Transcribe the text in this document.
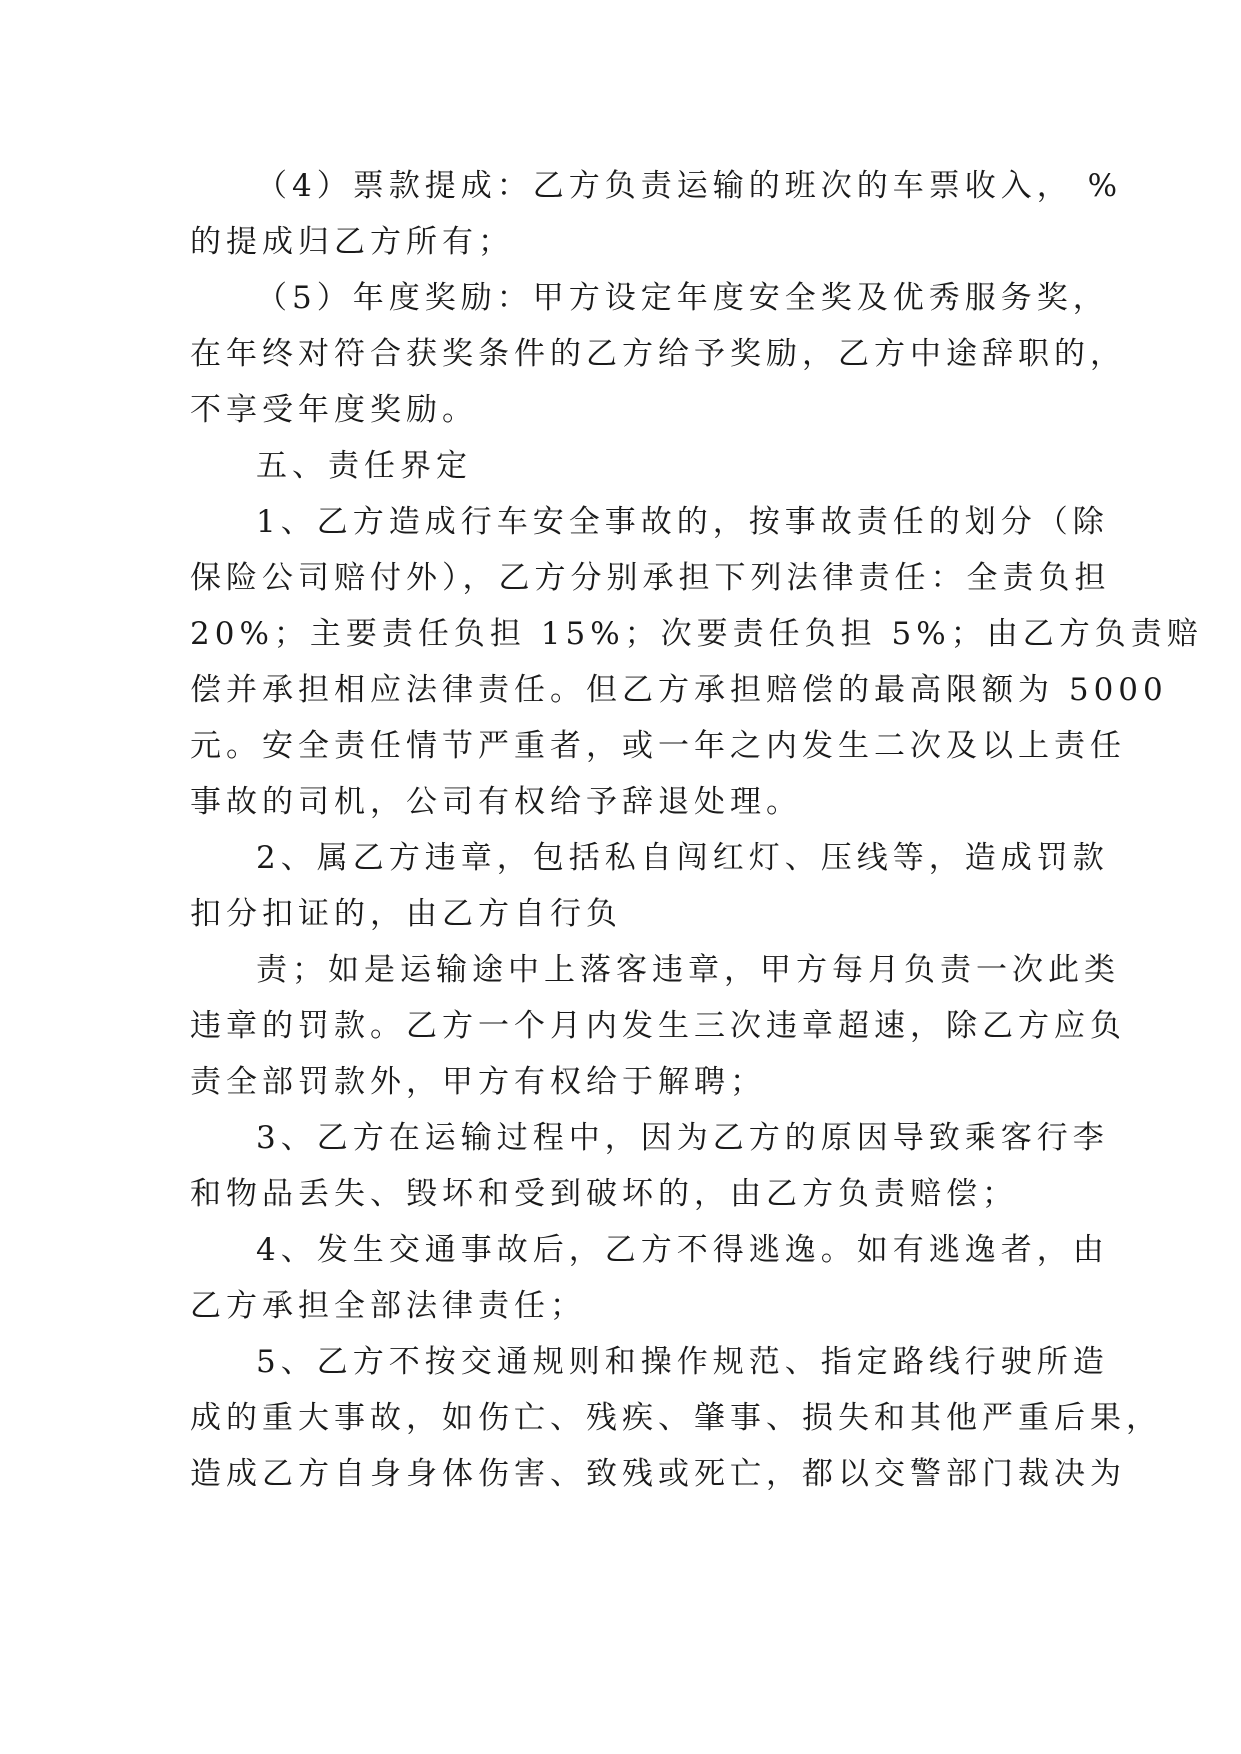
（4）票款提成：乙方负责运输的班次的车票收入， %
的提成归乙方所有；
（5）年度奖励：甲方设定年度安全奖及优秀服务奖，
在年终对符合获奖条件的乙方给予奖励，乙方中途辞职的，
不享受年度奖励。
五、责任界定
1、乙方造成行车安全事故的，按事故责任的划分（除
保险公司赔付外），乙方分别承担下列法律责任：全责负担
20%；主要责任负担 15%；次要责任负担 5%；由乙方负责赔
偿并承担相应法律责任。但乙方承担赔偿的最高限额为 5000
元。安全责任情节严重者，或一年之内发生二次及以上责任
事故的司机，公司有权给予辞退处理。
2、属乙方违章，包括私自闯红灯、压线等，造成罚款
扣分扣证的，由乙方自行负
责；如是运输途中上落客违章，甲方每月负责一次此类
违章的罚款。乙方一个月内发生三次违章超速，除乙方应负
责全部罚款外，甲方有权给于解聘；
3、乙方在运输过程中，因为乙方的原因导致乘客行李
和物品丢失、毁坏和受到破坏的，由乙方负责赔偿；
4、发生交通事故后，乙方不得逃逸。如有逃逸者，由
乙方承担全部法律责任；
5、乙方不按交通规则和操作规范、指定路线行驶所造
成的重大事故，如伤亡、残疾、肇事、损失和其他严重后果，
造成乙方自身身体伤害、致残或死亡，都以交警部门裁决为
